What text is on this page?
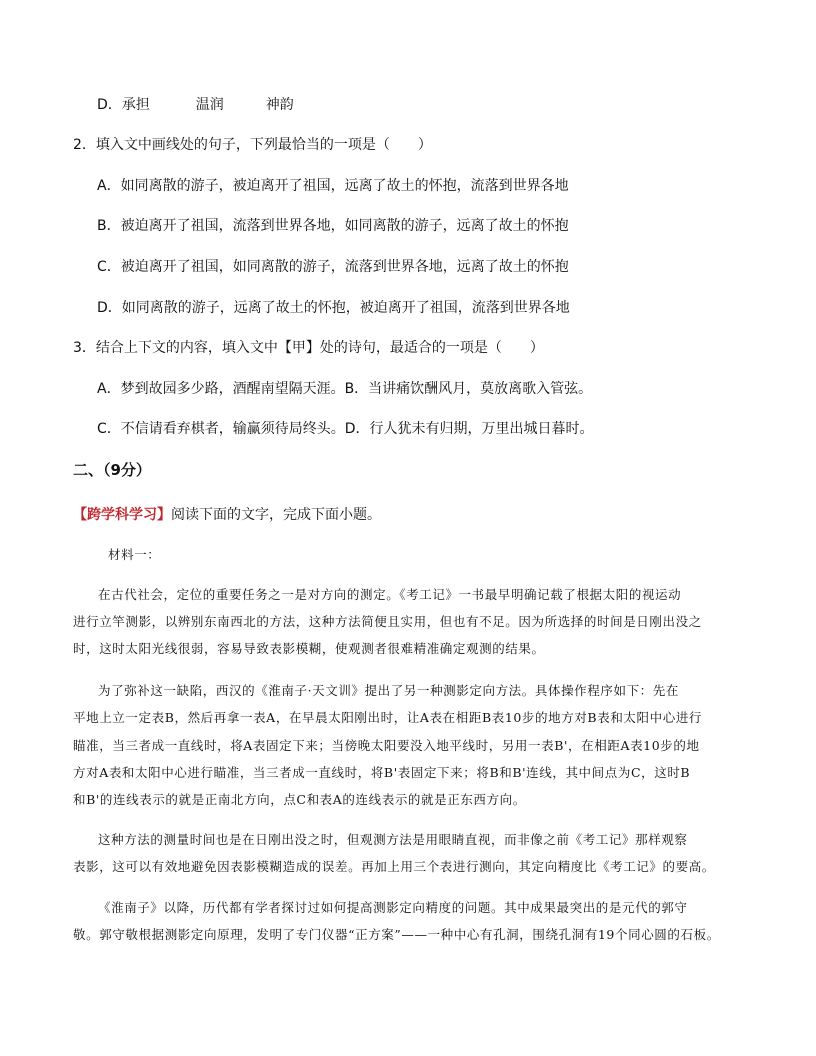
D．承担	温润	神韵
2．填入文中画线处的句子，下列最恰当的一项是（　　）
A．如同离散的游子，被迫离开了祖国，远离了故土的怀抱，流落到世界各地
B．被迫离开了祖国，流落到世界各地，如同离散的游子，远离了故土的怀抱
C．被迫离开了祖国，如同离散的游子，流落到世界各地，远离了故土的怀抱
D．如同离散的游子，远离了故土的怀抱，被迫离开了祖国，流落到世界各地
3．结合上下文的内容，填入文中【甲】处的诗句，最适合的一项是（　　）
A．梦到故园多少路，酒醒南望隔天涯。B．当讲痛饮酬风月，莫放离歌入管弦。
C．不信请看弃棋者，输赢须待局终头。D．行人犹未有归期，万里出城日暮时。
二、（9分）
【跨学科学习】阅读下面的文字，完成下面小题。
材料一：
在古代社会，定位的重要任务之一是对方向的测定。《考工记》一书最早明确记载了根据太阳的视运动
进行立竿测影，以辨别东南西北的方法，这种方法简便且实用，但也有不足。因为所选择的时间是日刚出没之
时，这时太阳光线很弱，容易导致表影模糊，使观测者很难精准确定观测的结果。
为了弥补这一缺陷，西汉的《淮南子·天文训》提出了另一种测影定向方法。具体操作程序如下：先在
平地上立一定表B，然后再拿一表A，在早晨太阳刚出时，让A表在相距B表10步的地方对B表和太阳中心进行
瞄准，当三者成一直线时，将A表固定下来；当傍晚太阳要没入地平线时，另用一表B'，在相距A表10步的地
方对A表和太阳中心进行瞄准，当三者成一直线时，将B'表固定下来；将B和B'连线，其中间点为C，这时B
和B'的连线表示的就是正南北方向，点C和表A的连线表示的就是正东西方向。
这种方法的测量时间也是在日刚出没之时，但观测方法是用眼睛直视，而非像之前《考工记》那样观察
表影，这可以有效地避免因表影模糊造成的误差。再加上用三个表进行测向，其定向精度比《考工记》的要高。
《淮南子》以降，历代都有学者探讨过如何提高测影定向精度的问题。其中成果最突出的是元代的郭守
敬。郭守敬根据测影定向原理，发明了专门仪器“正方案”——一种中心有孔洞，围绕孔洞有19个同心圆的石板。
